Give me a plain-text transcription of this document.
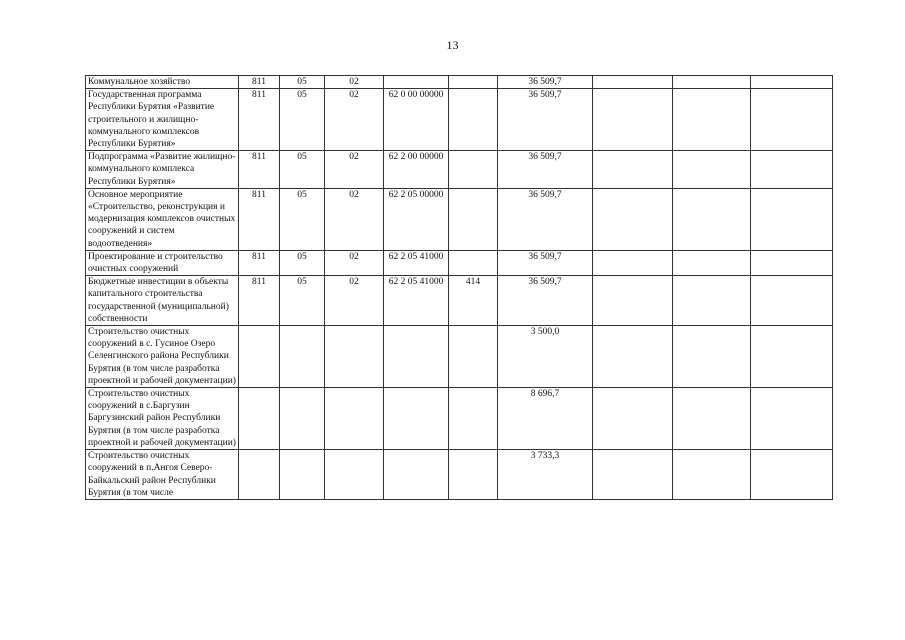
13
Коммунальное хозяйство	811	05	02			36 509,7			
Государственная программа Республики Бурятия «Развитие строительного и жилищно-коммунального комплексов Республики Бурятия»	811	05	02	62 0 00 00000		36 509,7			
Подпрограмма «Развитие жилищно-коммунального комплекса Республики Бурятия»	811	05	02	62 2 00 00000		36 509,7			
Основное мероприятие «Строительство, реконструкция и модернизация комплексов очистных сооружений и систем водоотведения»	811	05	02	62 2 05 00000		36 509,7			
Проектирование и строительство очистных сооружений	811	05	02	62 2 05 41000		36 509,7			
Бюджетные инвестиции в объекты капитального строительства государственной (муниципальной) собственности	811	05	02	62 2 05 41000	414	36 509,7			
Строительство очистных сооружений в с. Гусиное Озеро Селенгинского района Республики Бурятия (в том числе разработка проектной и рабочей документации)						3 500,0			
Строительство очистных сооружений в с.Баргузин Баргузинский район Республики Бурятия (в том числе разработка проектной и рабочей документации)						8 696,7			
Строительство очистных сооружений в п.Ангоя Северо-Байкальский район Республики Бурятия (в том числе						3 733,3			
